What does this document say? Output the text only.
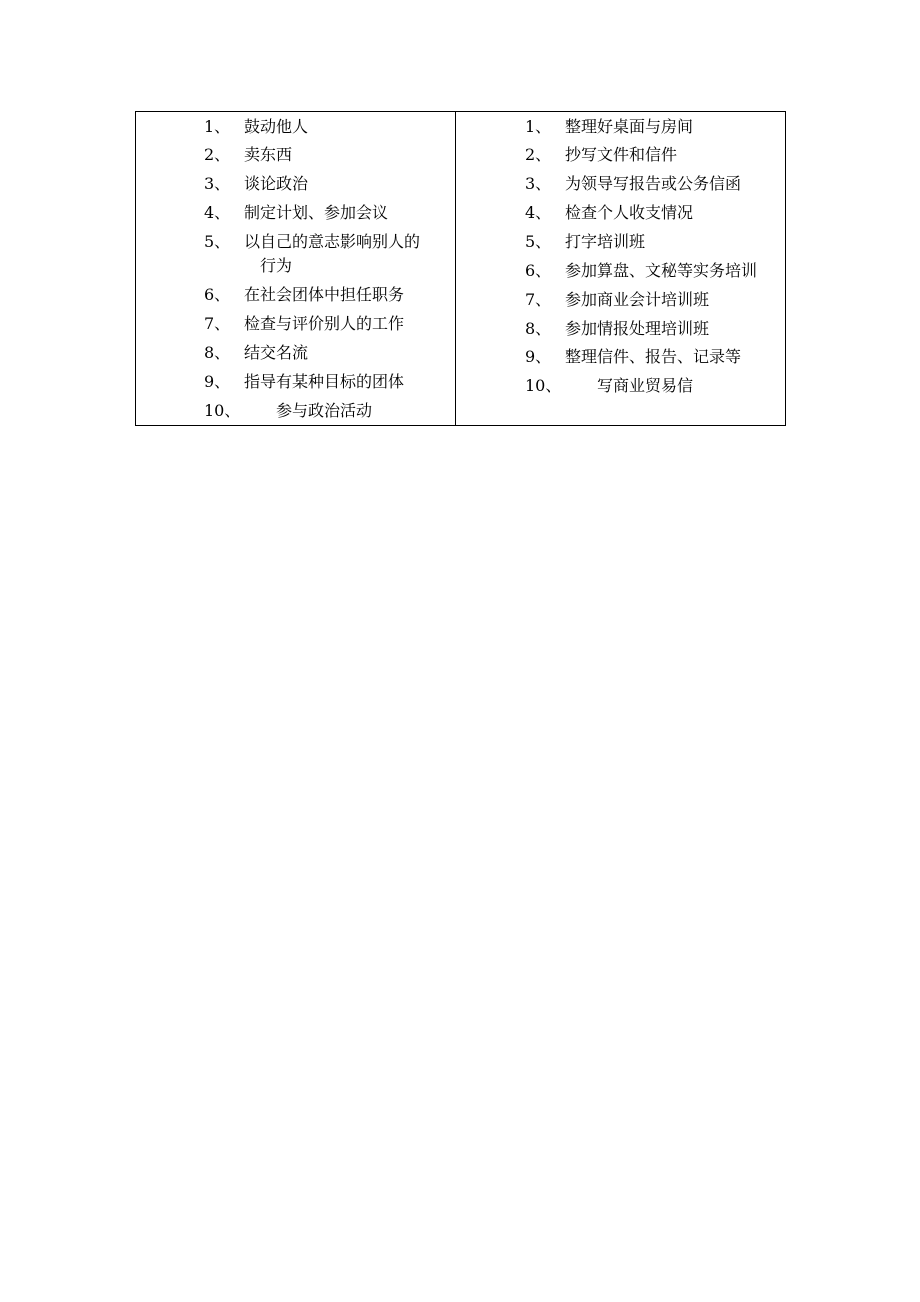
1、 鼓动他人
2、 卖东西
3、 谈论政治
4、 制定计划、参加会议
5、 以自己的意志影响别人的
行为
6、 在社会团体中担任职务
7、 检查与评价别人的工作
8、 结交名流
9、 指导有某种目标的团体
10、 参与政治活动
1、 整理好桌面与房间
2、 抄写文件和信件
3、 为领导写报告或公务信函
4、 检查个人收支情况
5、 打字培训班
6、 参加算盘、文秘等实务培训
7、 参加商业会计培训班
8、 参加情报处理培训班
9、 整理信件、报告、记录等
10、 写商业贸易信
